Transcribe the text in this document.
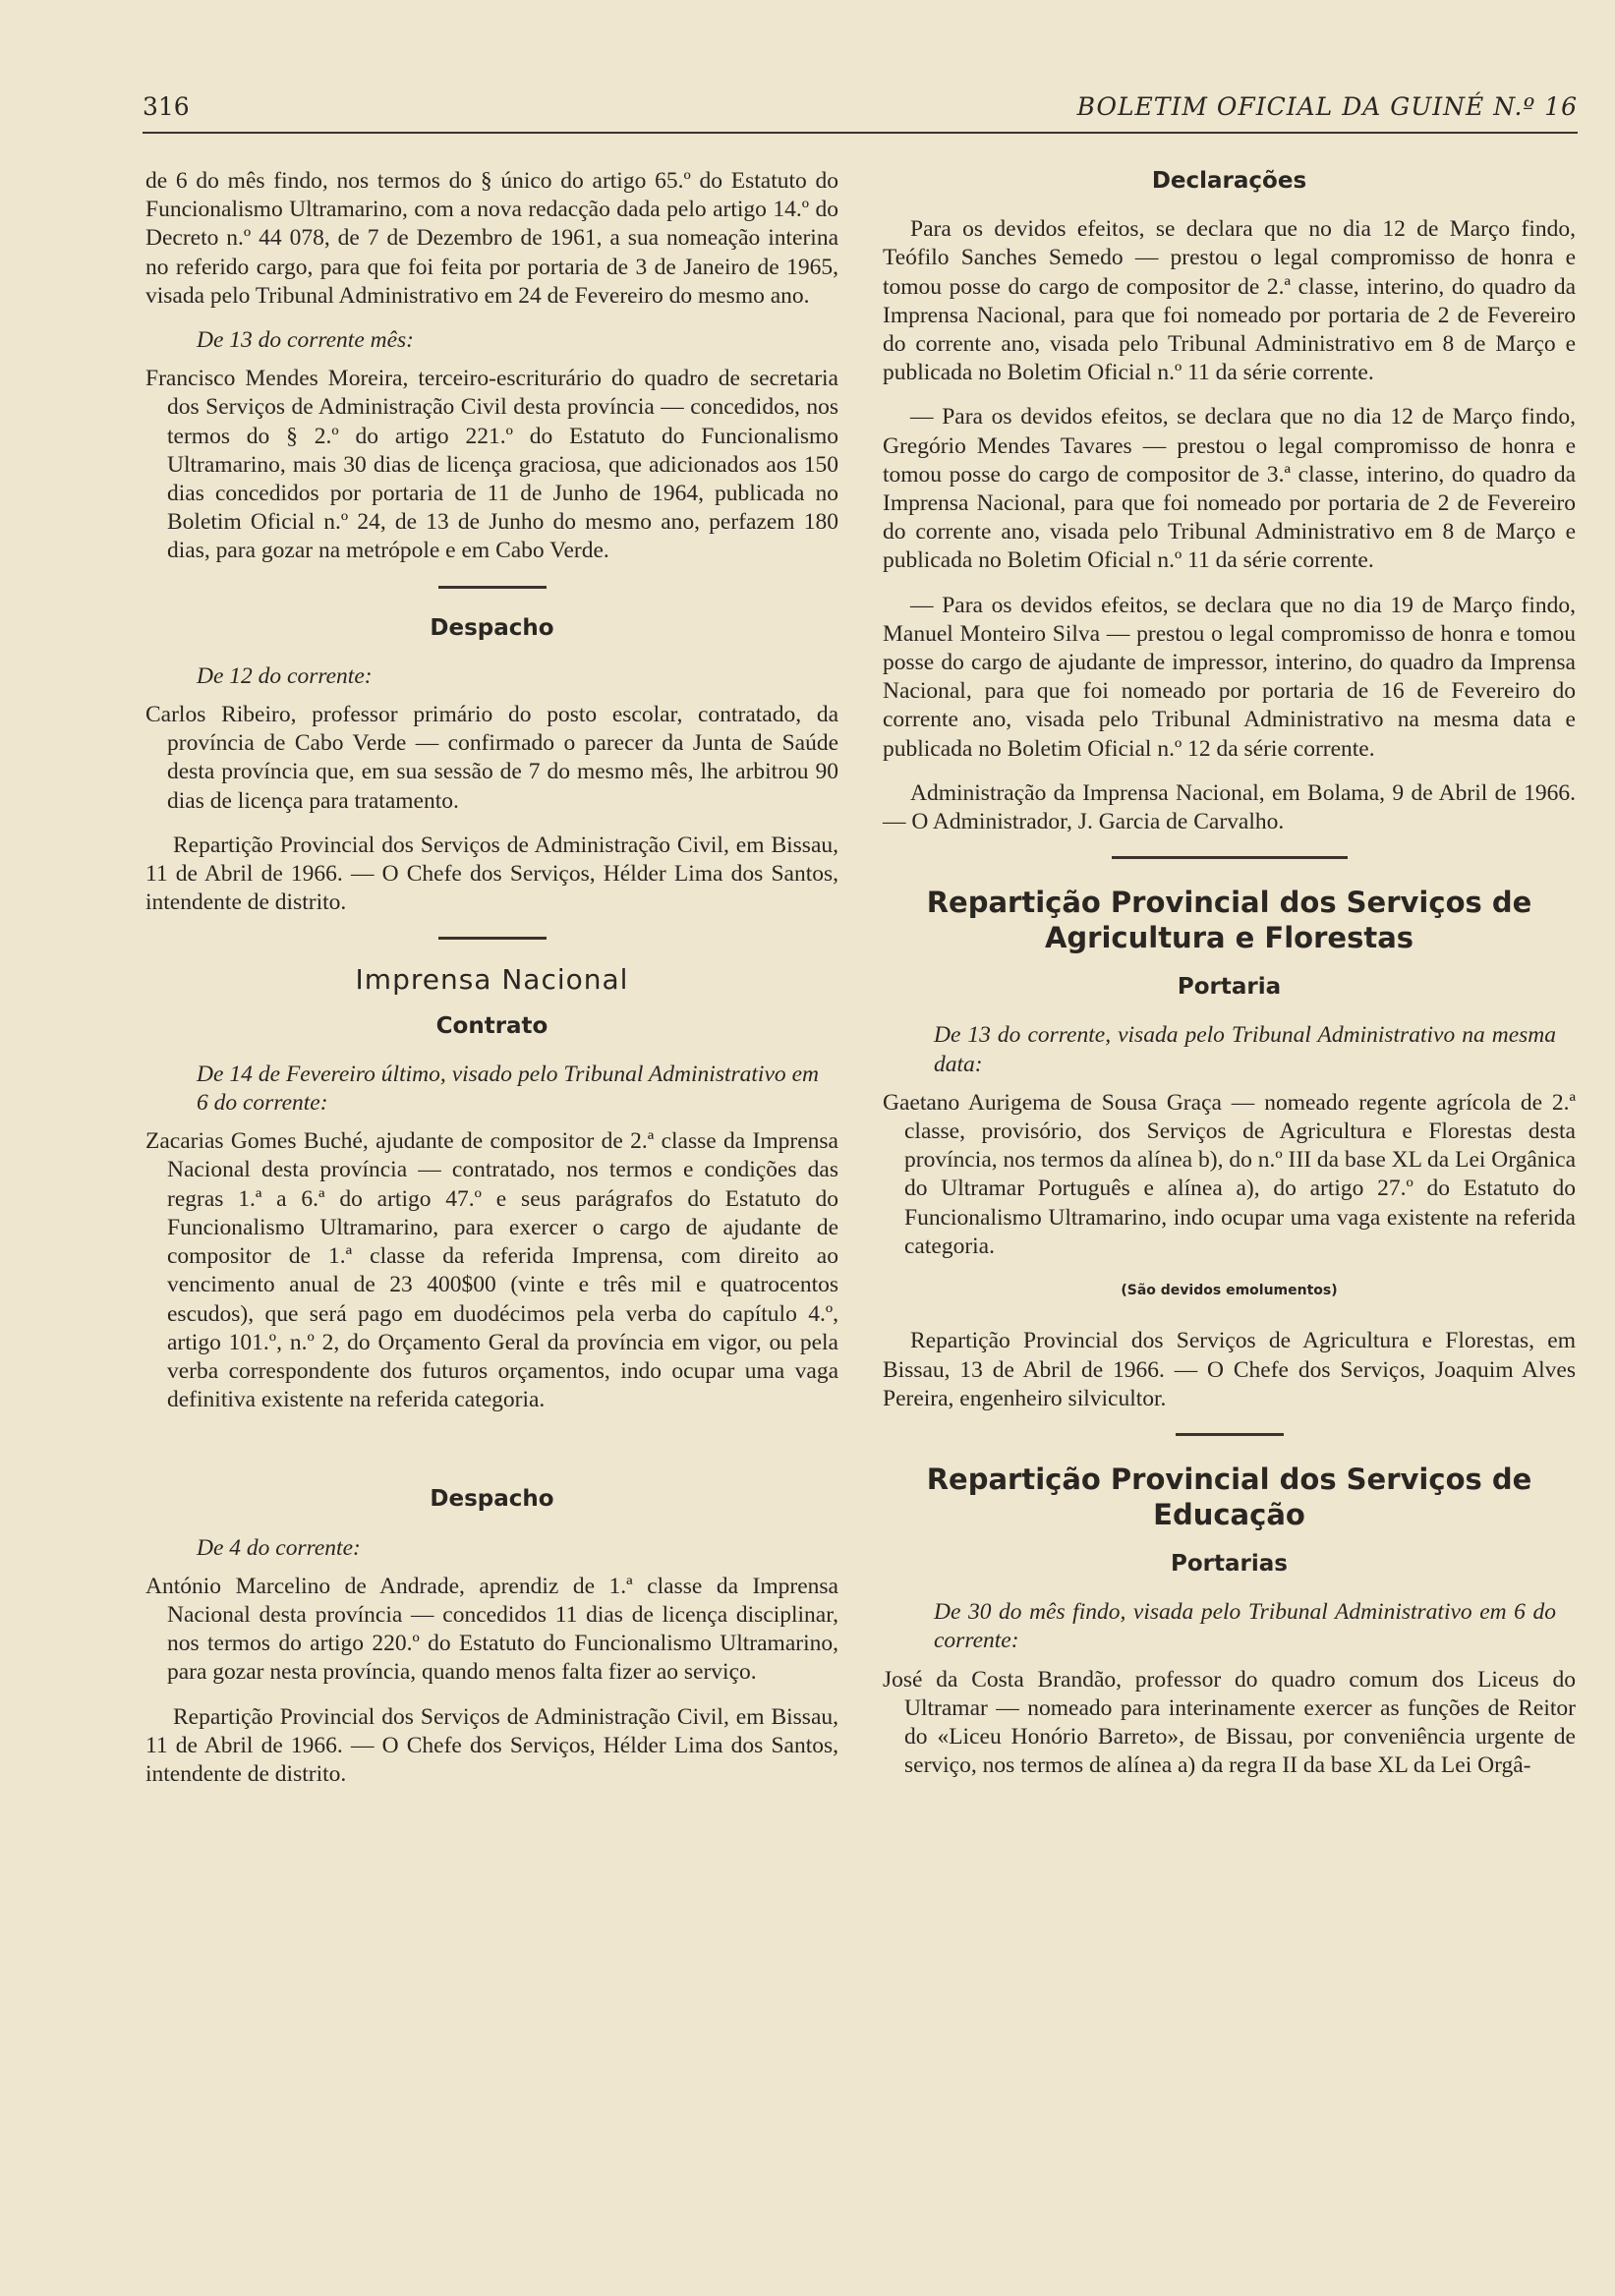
316	BOLETIM OFICIAL DA GUINÉ N.º 16

de 6 do mês findo, nos termos do § único do artigo 65.º do Estatuto do Funcionalismo Ultramarino, com a nova redacção dada pelo artigo 14.º do Decreto n.º 44 078, de 7 de Dezembro de 1961, a sua nomeação interina no referido cargo, para que foi feita por portaria de 3 de Janeiro de 1965, visada pelo Tribunal Administrativo em 24 de Fevereiro do mesmo ano.

De 13 do corrente mês:

Francisco Mendes Moreira, terceiro-escriturário do quadro de secretaria dos Serviços de Administração Civil desta província — concedidos, nos termos do § 2.º do artigo 221.º do Estatuto do Funcionalismo Ultramarino, mais 30 dias de licença graciosa, que adicionados aos 150 dias concedidos por portaria de 11 de Junho de 1964, publicada no Boletim Oficial n.º 24, de 13 de Junho do mesmo ano, perfazem 180 dias, para gozar na metrópole e em Cabo Verde.

Despacho

De 12 do corrente:

Carlos Ribeiro, professor primário do posto escolar, contratado, da província de Cabo Verde — confirmado o parecer da Junta de Saúde desta província que, em sua sessão de 7 do mesmo mês, lhe arbitrou 90 dias de licença para tratamento.

Repartição Provincial dos Serviços de Administração Civil, em Bissau, 11 de Abril de 1966. — O Chefe dos Serviços, Hélder Lima dos Santos, intendente de distrito.

Imprensa Nacional
Contrato

De 14 de Fevereiro último, visado pelo Tribunal Administrativo em 6 do corrente:

Zacarias Gomes Buché, ajudante de compositor de 2.ª classe da Imprensa Nacional desta província — contratado, nos termos e condições das regras 1.ª a 6.ª do artigo 47.º e seus parágrafos do Estatuto do Funcionalismo Ultramarino, para exercer o cargo de ajudante de compositor de 1.ª classe da referida Imprensa, com direito ao vencimento anual de 23 400$00 (vinte e três mil e quatrocentos escudos), que será pago em duodécimos pela verba do capítulo 4.º, artigo 101.º, n.º 2, do Orçamento Geral da província em vigor, ou pela verba correspondente dos futuros orçamentos, indo ocupar uma vaga definitiva existente na referida categoria.

Despacho

De 4 do corrente:

António Marcelino de Andrade, aprendiz de 1.ª classe da Imprensa Nacional desta província — concedidos 11 dias de licença disciplinar, nos termos do artigo 220.º do Estatuto do Funcionalismo Ultramarino, para gozar nesta província, quando menos falta fizer ao serviço.

Repartição Provincial dos Serviços de Administração Civil, em Bissau, 11 de Abril de 1966. — O Chefe dos Serviços, Hélder Lima dos Santos, intendente de distrito.

Declarações

Para os devidos efeitos, se declara que no dia 12 de Março findo, Teófilo Sanches Semedo — prestou o legal compromisso de honra e tomou posse do cargo de compositor de 2.ª classe, interino, do quadro da Imprensa Nacional, para que foi nomeado por portaria de 2 de Fevereiro do corrente ano, visada pelo Tribunal Administrativo em 8 de Março e publicada no Boletim Oficial n.º 11 da série corrente.

— Para os devidos efeitos, se declara que no dia 12 de Março findo, Gregório Mendes Tavares — prestou o legal compromisso de honra e tomou posse do cargo de compositor de 3.ª classe, interino, do quadro da Imprensa Nacional, para que foi nomeado por portaria de 2 de Fevereiro do corrente ano, visada pelo Tribunal Administrativo em 8 de Março e publicada no Boletim Oficial n.º 11 da série corrente.

— Para os devidos efeitos, se declara que no dia 19 de Março findo, Manuel Monteiro Silva — prestou o legal compromisso de honra e tomou posse do cargo de ajudante de impressor, interino, do quadro da Imprensa Nacional, para que foi nomeado por portaria de 16 de Fevereiro do corrente ano, visada pelo Tribunal Administrativo na mesma data e publicada no Boletim Oficial n.º 12 da série corrente.

Administração da Imprensa Nacional, em Bolama, 9 de Abril de 1966. — O Administrador, J. Garcia de Carvalho.

Repartição Provincial dos Serviços de Agricultura e Florestas
Portaria

De 13 do corrente, visada pelo Tribunal Administrativo na mesma data:

Gaetano Aurigema de Sousa Graça — nomeado regente agrícola de 2.ª classe, provisório, dos Serviços de Agricultura e Florestas desta província, nos termos da alínea b), do n.º III da base XL da Lei Orgânica do Ultramar Português e alínea a), do artigo 27.º do Estatuto do Funcionalismo Ultramarino, indo ocupar uma vaga existente na referida categoria.

(São devidos emolumentos)

Repartição Provincial dos Serviços de Agricultura e Florestas, em Bissau, 13 de Abril de 1966. — O Chefe dos Serviços, Joaquim Alves Pereira, engenheiro silvicultor.

Repartição Provincial dos Serviços de Educação
Portarias

De 30 do mês findo, visada pelo Tribunal Administrativo em 6 do corrente:

José da Costa Brandão, professor do quadro comum dos Liceus do Ultramar — nomeado para interinamente exercer as funções de Reitor do «Liceu Honório Barreto», de Bissau, por conveniência urgente de serviço, nos termos de alínea a) da regra II da base XL da Lei Orgâ-
